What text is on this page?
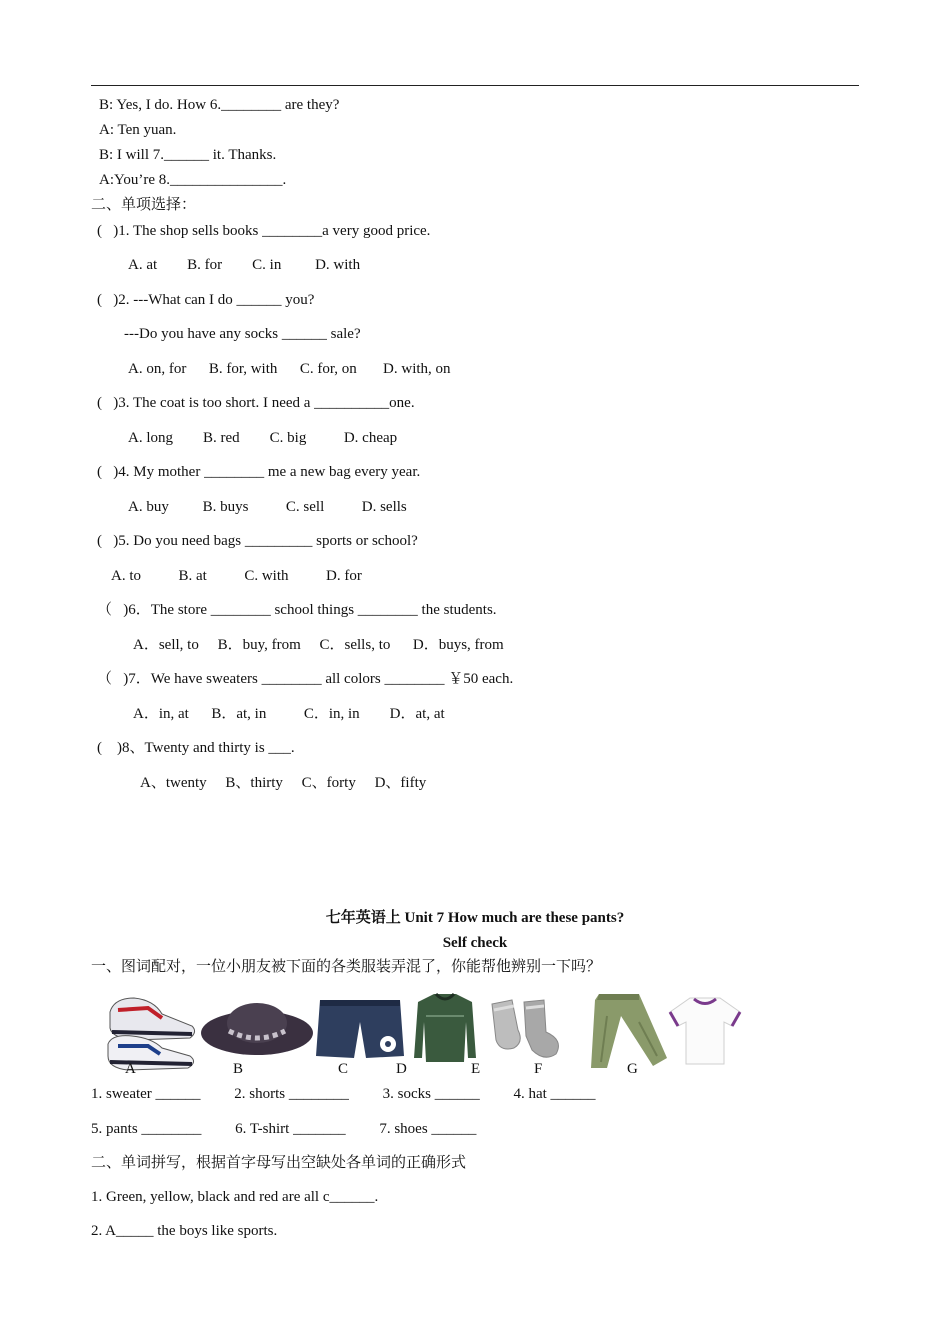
B: Yes, I do. How 6.________ are they?
A: Ten yuan.
B: I will 7.______ it. Thanks.
A:You’re 8._______________.
二、单项选择：
(   )1. The shop sells books ________a very good price.
A. at        B. for        C. in         D. with
(   )2. ---What can I do ______ you?
---Do you have any socks ______ sale?
A. on, for      B. for, with      C. for, on       D. with, on
(   )3. The coat is too short. I need a __________one.
A. long        B. red        C. big          D. cheap
(   )4. My mother ________ me a new bag every year.
A. buy         B. buys          C. sell          D. sells
(   )5. Do you need bags _________ sports or school?
A. to          B. at          C. with          D. for
（   )6．The store ________ school things ________ the students.
A．sell, to     B．buy, from     C．sells, to      D．buys, from
（   )7．We have sweaters ________ all colors ________ ￥50 each.
A．in, at      B．at, in          C．in, in        D．at, at
(    )8、Twenty and thirty is ___.
A、twenty     B、thirty     C、forty     D、fifty
七年英语上 Unit 7 How much are these pants?
Self check
一、图词配对，一位小朋友被下面的各类服装弄混了，你能帮他辨别一下吗？
A	B	C	D	E	F	G
1. sweater ______         2. shorts ________         3. socks ______         4. hat ______
5. pants ________         6. T-shirt _______         7. shoes ______
二、单词拼写，根据首字母写出空缺处各单词的正确形式
1. Green, yellow, black and red are all c______.
2. A_____ the boys like sports.
